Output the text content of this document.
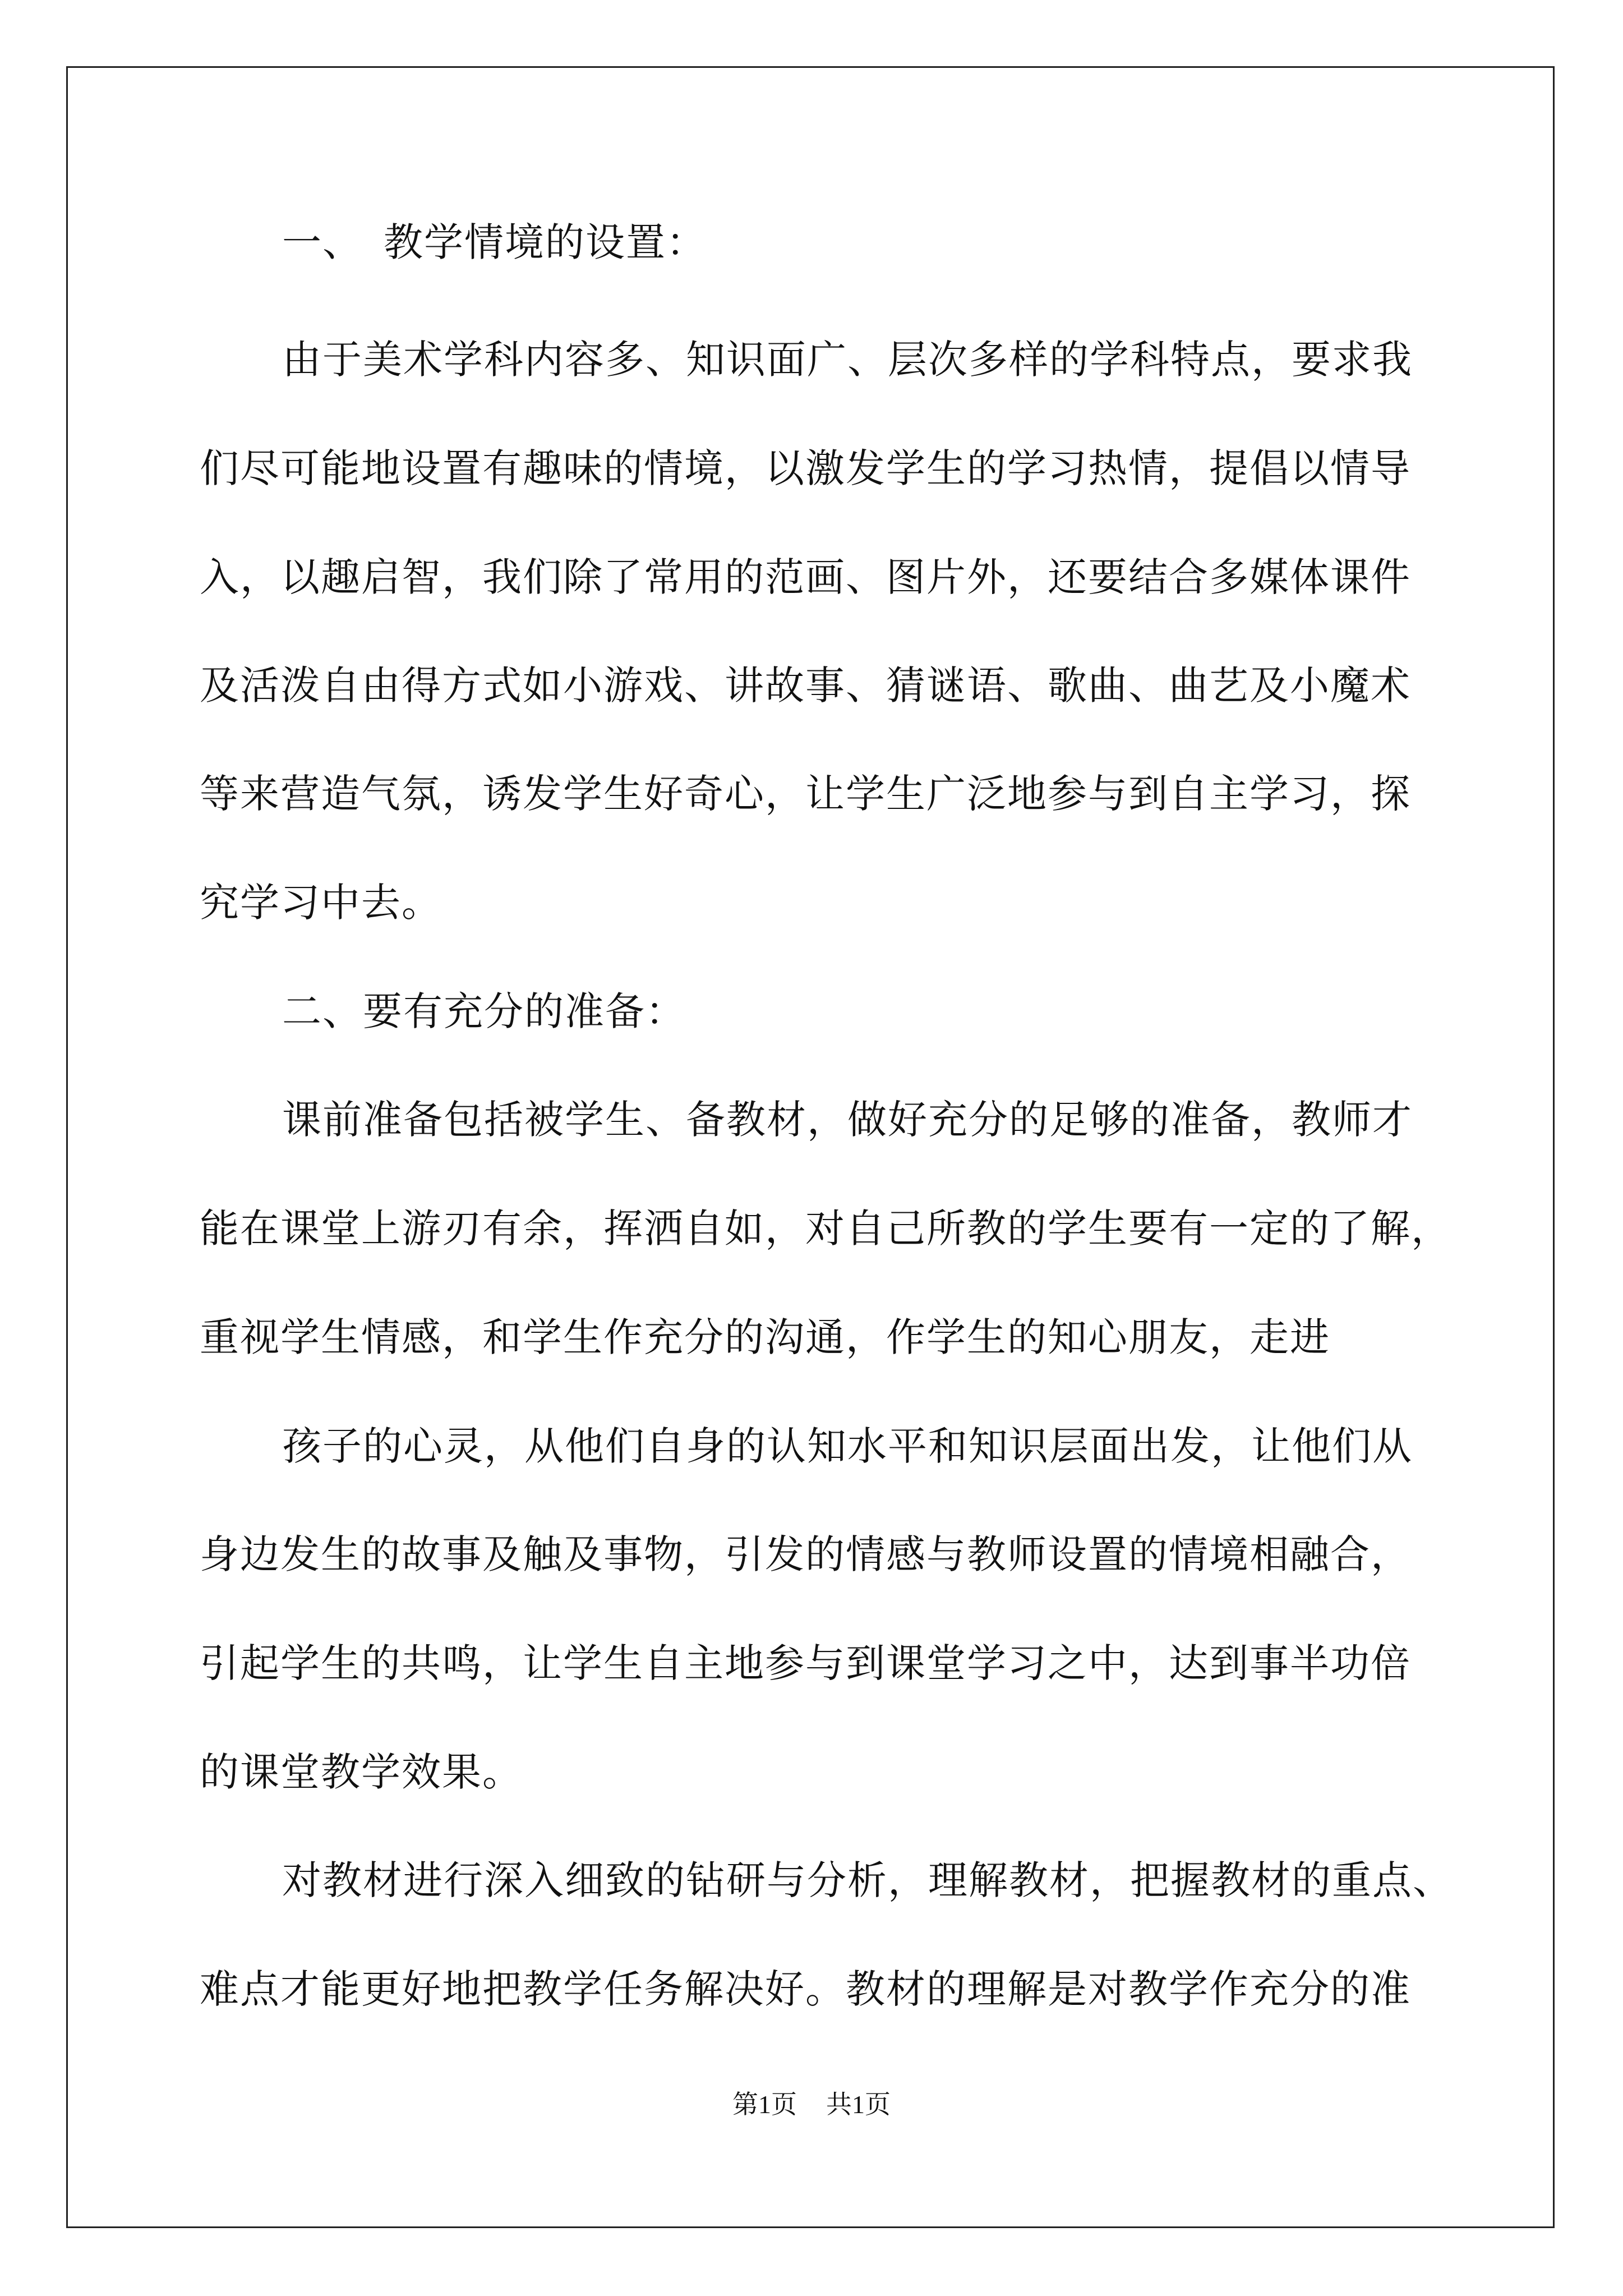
一、　教学情境的设置：
由于美术学科内容多、知识面广、层次多样的学科特点，要求我
们尽可能地设置有趣味的情境，以激发学生的学习热情，提倡以情导
入，以趣启智，我们除了常用的范画、图片外，还要结合多媒体课件
及活泼自由得方式如小游戏、讲故事、猜谜语、歌曲、曲艺及小魔术
等来营造气氛，诱发学生好奇心，让学生广泛地参与到自主学习，探
究学习中去。
二、要有充分的准备：
课前准备包括被学生、备教材，做好充分的足够的准备，教师才
能在课堂上游刃有余，挥洒自如，对自己所教的学生要有一定的了解，
重视学生情感，和学生作充分的沟通，作学生的知心朋友，走进
孩子的心灵，从他们自身的认知水平和知识层面出发，让他们从
身边发生的故事及触及事物，引发的情感与教师设置的情境相融合，
引起学生的共鸣，让学生自主地参与到课堂学习之中，达到事半功倍
的课堂教学效果。
对教材进行深入细致的钻研与分析，理解教材，把握教材的重点、
难点才能更好地把教学任务解决好。教材的理解是对教学作充分的准
第1页 共1页
